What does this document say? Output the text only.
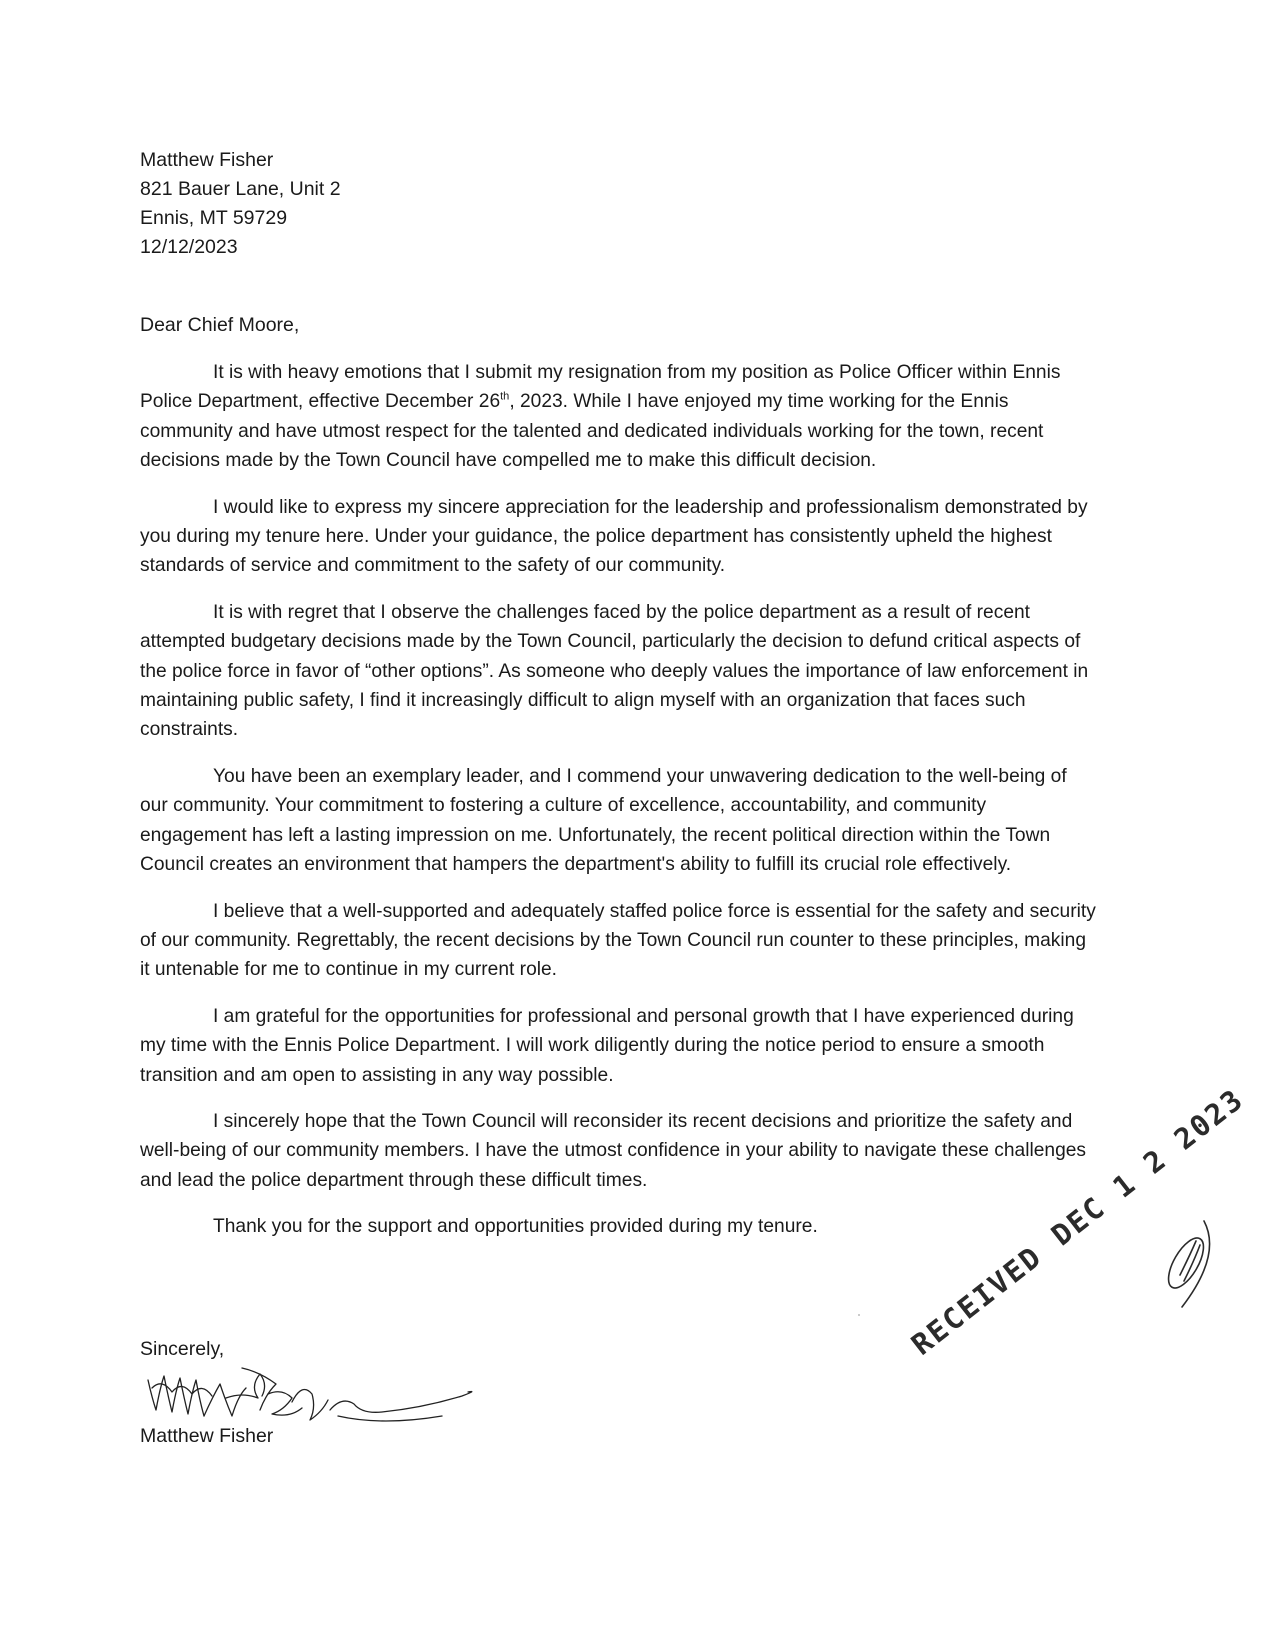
Matthew Fisher
821 Bauer Lane, Unit 2
Ennis, MT 59729
12/12/2023
Dear Chief Moore,

It is with heavy emotions that I submit my resignation from my position as Police Officer within Ennis Police Department, effective December 26th, 2023. While I have enjoyed my time working for the Ennis community and have utmost respect for the talented and dedicated individuals working for the town, recent decisions made by the Town Council have compelled me to make this difficult decision.

I would like to express my sincere appreciation for the leadership and professionalism demonstrated by you during my tenure here. Under your guidance, the police department has consistently upheld the highest standards of service and commitment to the safety of our community.

It is with regret that I observe the challenges faced by the police department as a result of recent attempted budgetary decisions made by the Town Council, particularly the decision to defund critical aspects of the police force in favor of “other options”. As someone who deeply values the importance of law enforcement in maintaining public safety, I find it increasingly difficult to align myself with an organization that faces such constraints.

You have been an exemplary leader, and I commend your unwavering dedication to the well-being of our community. Your commitment to fostering a culture of excellence, accountability, and community engagement has left a lasting impression on me. Unfortunately, the recent political direction within the Town Council creates an environment that hampers the department's ability to fulfill its crucial role effectively.

I believe that a well-supported and adequately staffed police force is essential for the safety and security of our community. Regrettably, the recent decisions by the Town Council run counter to these principles, making it untenable for me to continue in my current role.

I am grateful for the opportunities for professional and personal growth that I have experienced during my time with the Ennis Police Department. I will work diligently during the notice period to ensure a smooth transition and am open to assisting in any way possible.

I sincerely hope that the Town Council will reconsider its recent decisions and prioritize the safety and well-being of our community members. I have the utmost confidence in your ability to navigate these challenges and lead the police department through these difficult times.

Thank you for the support and opportunities provided during my tenure.

Sincerely,
Matthew Fisher
RECEIVEDDEC 1 2 2023
